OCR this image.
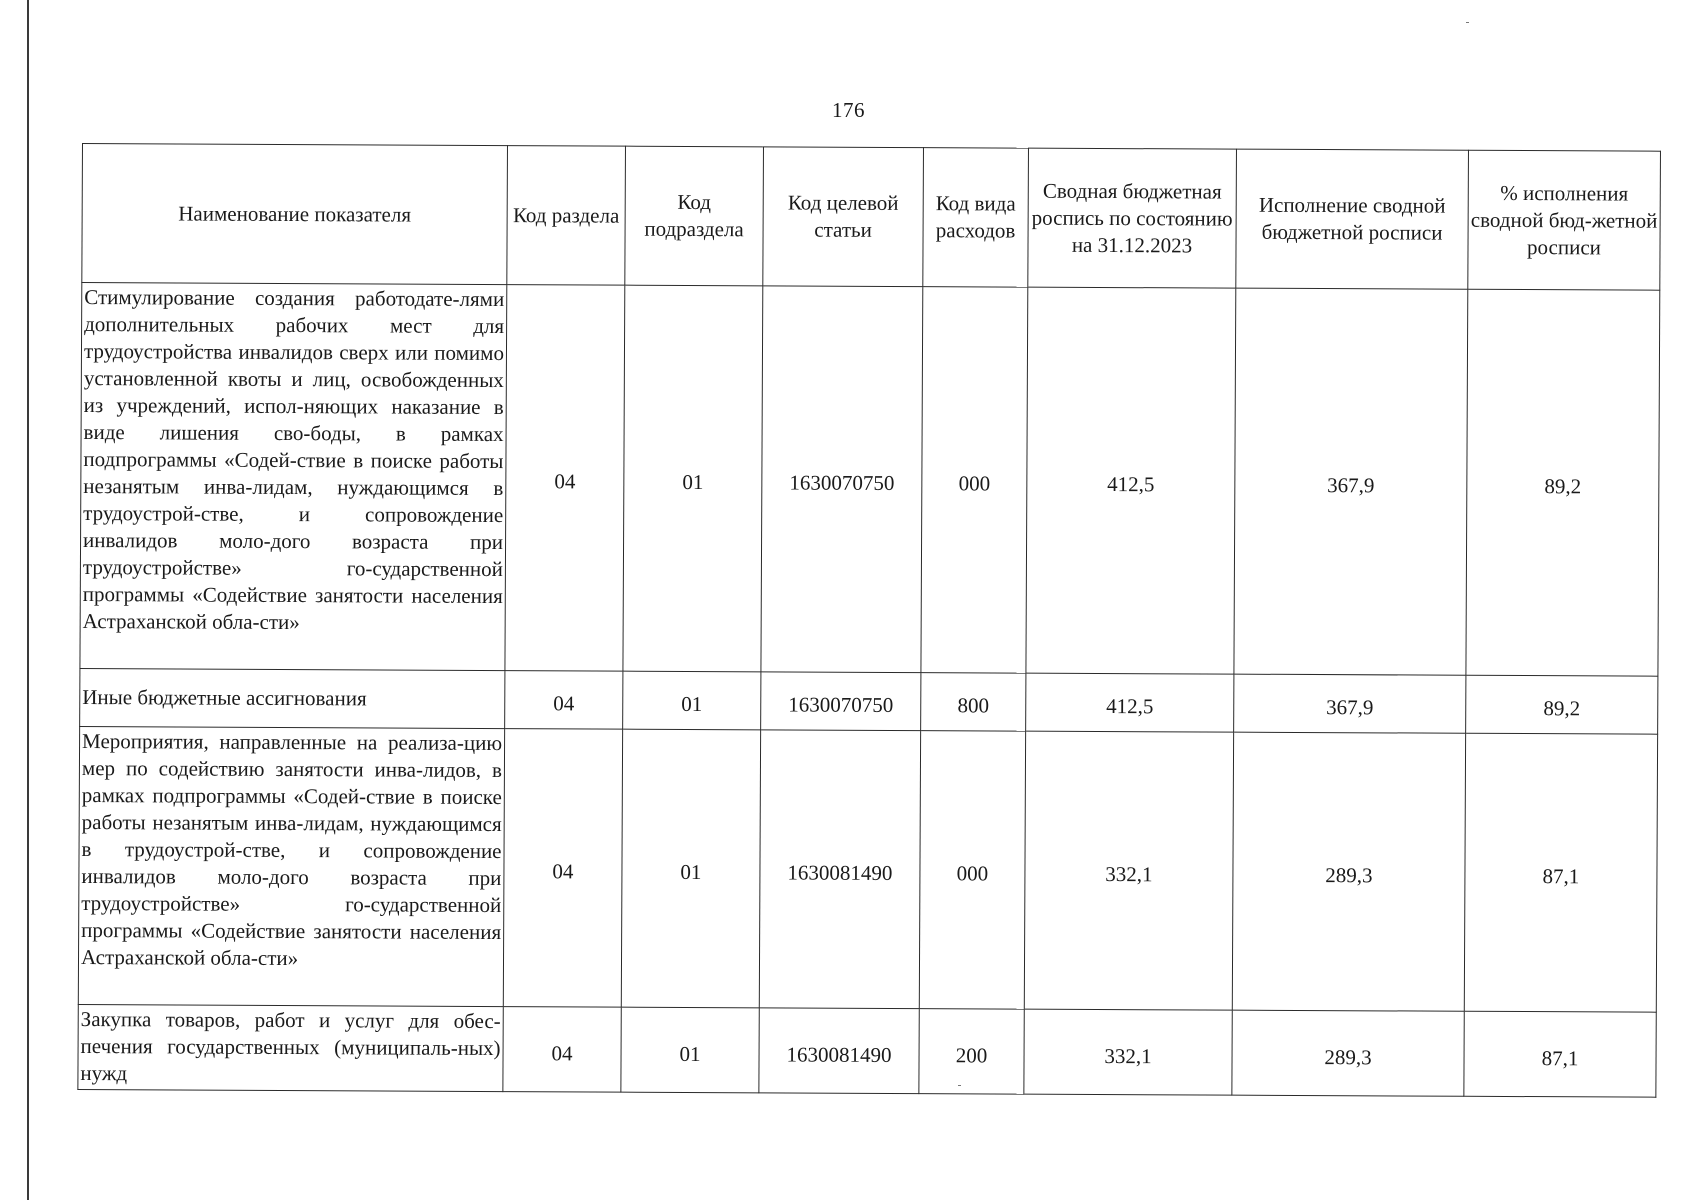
176
Наименование показателя	Код раздела	Код подраздела	Код целевой статьи	Код вида расходов	Сводная бюджетная роспись по состоянию на 31.12.2023	Исполнение сводной бюджетной росписи	% исполнения сводной бюд-жетной росписи
Стимулирование создания работодате-лями дополнительных рабочих мест для трудоустройства инвалидов сверх или помимо установленной квоты и лиц, освобожденных из учреждений, испол-няющих наказание в виде лишения сво-боды, в рамках подпрограммы «Содей-ствие в поиске работы незанятым инва-лидам, нуждающимся в трудоустрой-стве, и сопровождение инвалидов моло-дого возраста при трудоустройстве» го-сударственной программы «Содействие занятости населения Астраханской обла-сти»	04	01	1630070750	000	412,5	367,9	89,2
Иные бюджетные ассигнования	04	01	1630070750	800	412,5	367,9	89,2
Мероприятия, направленные на реализа-цию мер по содействию занятости инва-лидов, в рамках подпрограммы «Содей-ствие в поиске работы незанятым инва-лидам, нуждающимся в трудоустрой-стве, и сопровождение инвалидов моло-дого возраста при трудоустройстве» го-сударственной программы «Содействие занятости населения Астраханской обла-сти»	04	01	1630081490	000	332,1	289,3	87,1
Закупка товаров, работ и услуг для обес-печения государственных (муниципаль-ных) нужд	04	01	1630081490	200	332,1	289,3	87,1
